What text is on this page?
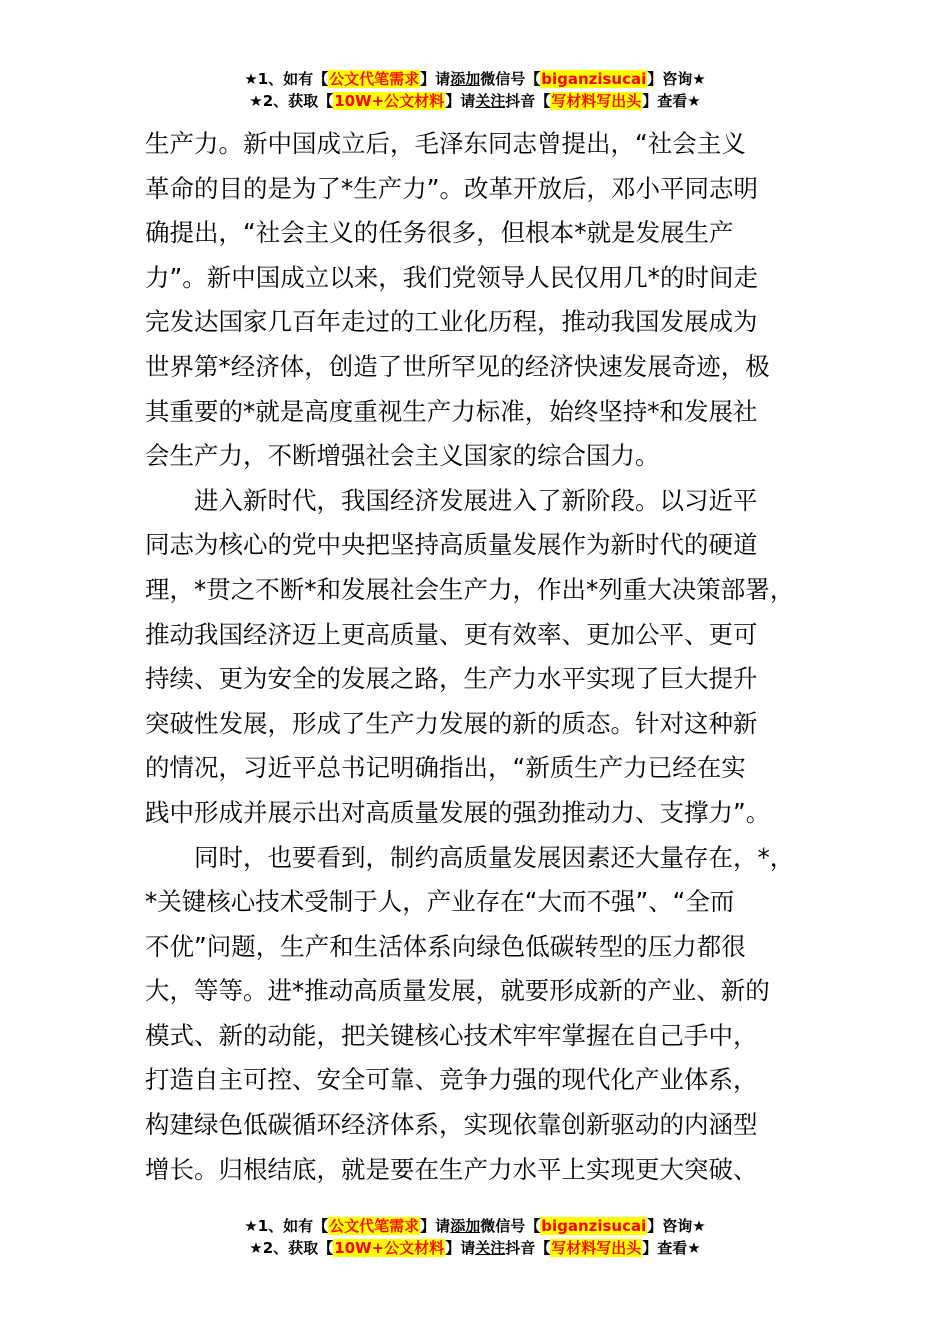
★1、如有【公文代笔需求】请添加微信号【biganzisucai】咨询★
★2、获取【10W+公文材料】请关注抖音【写材料写出头】查看★
生产力。新中国成立后，毛泽东同志曾提出，“社会主义
革命的目的是为了*生产力”。改革开放后，邓小平同志明
确提出，“社会主义的任务很多，但根本*就是发展生产
力”。新中国成立以来，我们党领导人民仅用几*的时间走
完发达国家几百年走过的工业化历程，推动我国发展成为
世界第*经济体，创造了世所罕见的经济快速发展奇迹，极
其重要的*就是高度重视生产力标准，始终坚持*和发展社
会生产力，不断增强社会主义国家的综合国力。
进入新时代，我国经济发展进入了新阶段。以习近平
同志为核心的党中央把坚持高质量发展作为新时代的硬道
理，*贯之不断*和发展社会生产力，作出*列重大决策部署，
推动我国经济迈上更高质量、更有效率、更加公平、更可
持续、更为安全的发展之路，生产力水平实现了巨大提升
突破性发展，形成了生产力发展的新的质态。针对这种新
的情况，习近平总书记明确指出，“新质生产力已经在实
践中形成并展示出对高质量发展的强劲推动力、支撑力”。
同时，也要看到，制约高质量发展因素还大量存在，*，
*关键核心技术受制于人，产业存在“大而不强”、“全而
不优”问题，生产和生活体系向绿色低碳转型的压力都很
大，等等。进*推动高质量发展，就要形成新的产业、新的
模式、新的动能，把关键核心技术牢牢掌握在自己手中，
打造自主可控、安全可靠、竞争力强的现代化产业体系，
构建绿色低碳循环经济体系，实现依靠创新驱动的内涵型
增长。归根结底，就是要在生产力水平上实现更大突破、
★1、如有【公文代笔需求】请添加微信号【biganzisucai】咨询★
★2、获取【10W+公文材料】请关注抖音【写材料写出头】查看★
